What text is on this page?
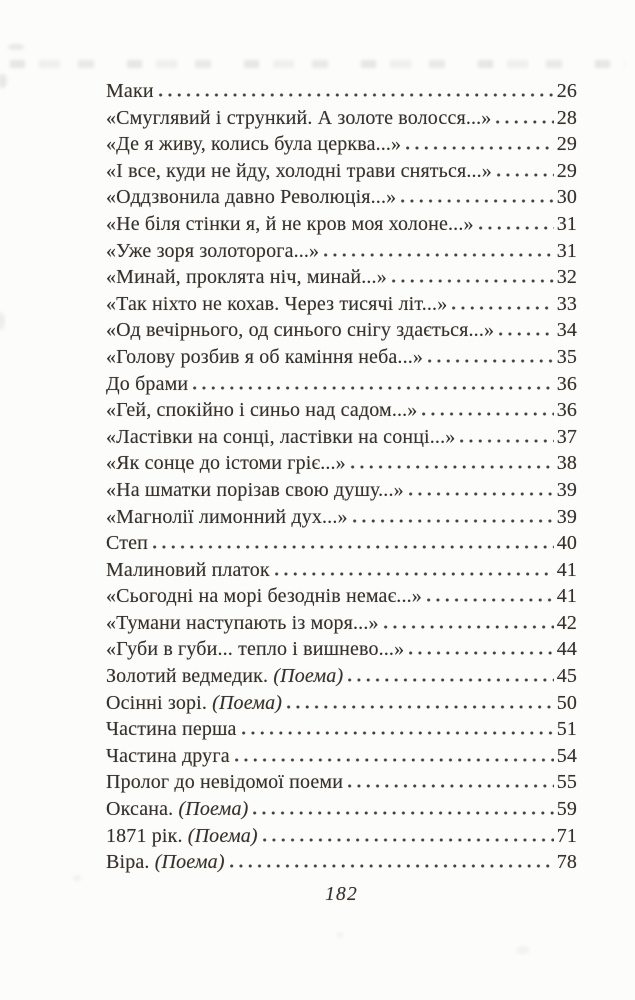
Маки	26
«Смуглявий і стрункий. А золоте волосся...»	28
«Де я живу, колись була церква...»	29
«І все, куди не йду, холодні трави сняться...»	29
«Оддзвонила давно Революція...»	30
«Не біля стінки я, й не кров моя холоне...»	31
«Уже зоря золоторога...»	31
«Минай, проклята ніч, минай...»	32
«Так ніхто не кохав. Через тисячі літ...»	33
«Од вечірнього, од синього снігу здається...»	34
«Голову розбив я об каміння неба...»	35
До брами	36
«Гей, спокійно і синьо над садом...»	36
«Ластівки на сонці, ластівки на сонці...»	37
«Як сонце до істоми гріє...»	38
«На шматки порізав свою душу...»	39
«Магнолії лимонний дух...»	39
Степ	40
Малиновий платок	41
«Сьогодні на морі безоднів немає...»	41
«Тумани наступають із моря...»	42
«Губи в губи... тепло і вишнево...»	44
Золотий ведмедик. (Поема)	45
Осінні зорі. (Поема)	50
Частина перша	51
Частина друга	54
Пролог до невідомої поеми	55
Оксана. (Поема)	59
1871 рік. (Поема)	71
Віра. (Поема)	78
182
